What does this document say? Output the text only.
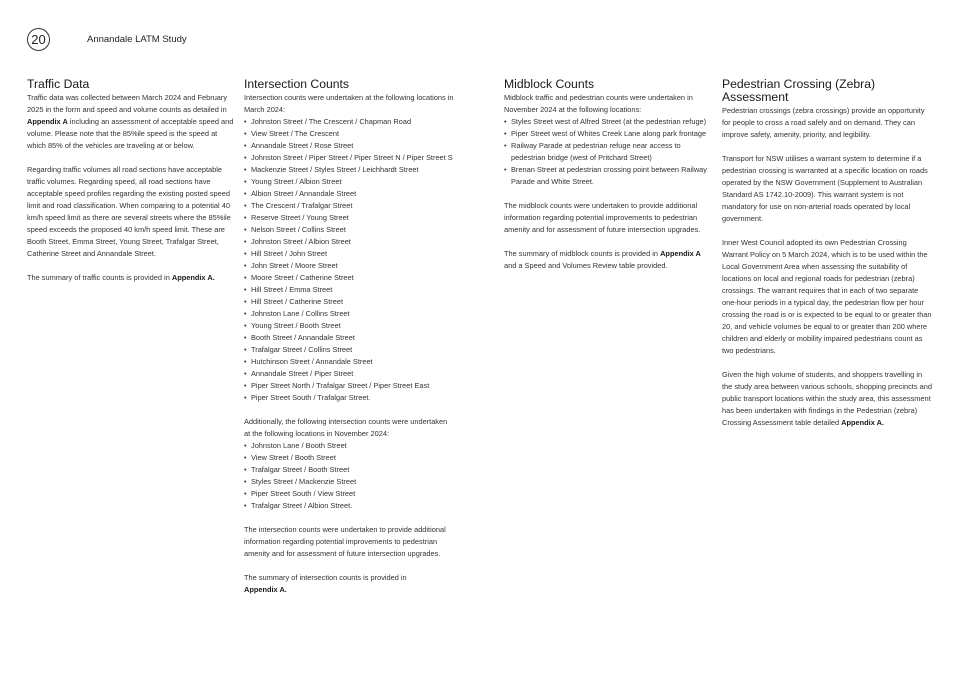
20	Annandale LATM Study
Traffic Data

Traffic data was collected between March 2024 and February 2025 in the form and speed and volume counts as detailed in Appendix A including an assessment of acceptable speed and volume. Please note that the 85%ile speed is the speed at which 85% of the vehicles are traveling at or below.

Regarding traffic volumes all road sections have acceptable traffic volumes. Regarding speed, all road sections have acceptable speed profiles regarding the existing posted speed limit and road classification. When comparing to a potential 40 km/h speed limit as there are several streets where the 85%ile speed exceeds the proposed 40 km/h speed limit. These are Booth Street, Emma Street, Young Street, Trafalgar Street, Catherine Street and Annandale Street.

The summary of traffic counts is provided in Appendix A.

Intersection Counts

Intersection counts were undertaken at the following locations in March 2024:

• Johnston Street / The Crescent / Chapman Road
• View Street / The Crescent
• Annandale Street / Rose Street
• Johnston Street / Piper Street / Piper Street N / Piper Street S
• Mackenzie Street / Styles Street / Leichhardt Street
• Young Street / Albion Street
• Albion Street / Annandale Street
• The Crescent / Trafalgar Street
• Reserve Street / Young Street
• Nelson Street / Collins Street
• Johnston Street / Albion Street
• Hill Street / John Street
• John Street / Moore Street
• Moore Street / Catherine Street
• Hill Street / Emma Street
• Hill Street / Catherine Street
• Johnston Lane / Collins Street
• Young Street / Booth Street
• Booth Street / Annandale Street
• Trafalgar Street / Collins Street
• Hutchinson Street / Annandale Street
• Annandale Street / Piper Street
• Piper Street North / Trafalgar Street / Piper Street East
• Piper Street South / Trafalgar Street.

Additionally, the following intersection counts were undertaken at the following locations in November 2024:

• Johnston Lane / Booth Street
• View Street / Booth Street
• Trafalgar Street / Booth Street
• Styles Street / Mackenzie Street
• Piper Street South / View Street
• Trafalgar Street / Albion Street.

The intersection counts were undertaken to provide additional information regarding potential improvements to pedestrian amenity and for assessment of future intersection upgrades.

The summary of intersection counts is provided in
Appendix A.

Midblock Counts

Midblock traffic and pedestrian counts were undertaken in November 2024 at the following locations:

• Styles Street west of Alfred Street (at the pedestrian refuge)
• Piper Street west of Whites Creek Lane along park frontage
• Railway Parade at pedestrian refuge near access to pedestrian bridge (west of Pritchard Street)
• Brenan Street at pedestrian crossing point between Railway Parade and White Street.

The midblock counts were undertaken to provide additional information regarding potential improvements to pedestrian amenity and for assessment of future intersection upgrades.

The summary of midblock counts is provided in Appendix A and a Speed and Volumes Review table provided.

Pedestrian Crossing (Zebra) Assessment

Pedestrian crossings (zebra crossings) provide an opportunity for people to cross a road safely and on demand. They can improve safety, amenity, priority, and legibility.

Transport for NSW utilises a warrant system to determine if a pedestrian crossing is warranted at a specific location on roads operated by the NSW Government (Supplement to Australian Standard AS 1742.10-2009). This warrant system is not mandatory for use on non-arterial roads operated by local government.

Inner West Council adopted its own Pedestrian Crossing Warrant Policy on 5 March 2024, which is to be used within the Local Government Area when assessing the suitability of locations on local and regional roads for pedestrian (zebra) crossings. The warrant requires that in each of two separate one-hour periods in a typical day, the pedestrian flow per hour crossing the road is or is expected to be equal to or greater than 20, and vehicle volumes be equal to or greater than 200 where children and elderly or mobility impaired pedestrians count as two pedestrians.

Given the high volume of students, and shoppers travelling in the study area between various schools, shopping precincts and public transport locations within the study area, this assessment has been undertaken with findings in the Pedestrian (zebra) Crossing Assessment table detailed Appendix A.
